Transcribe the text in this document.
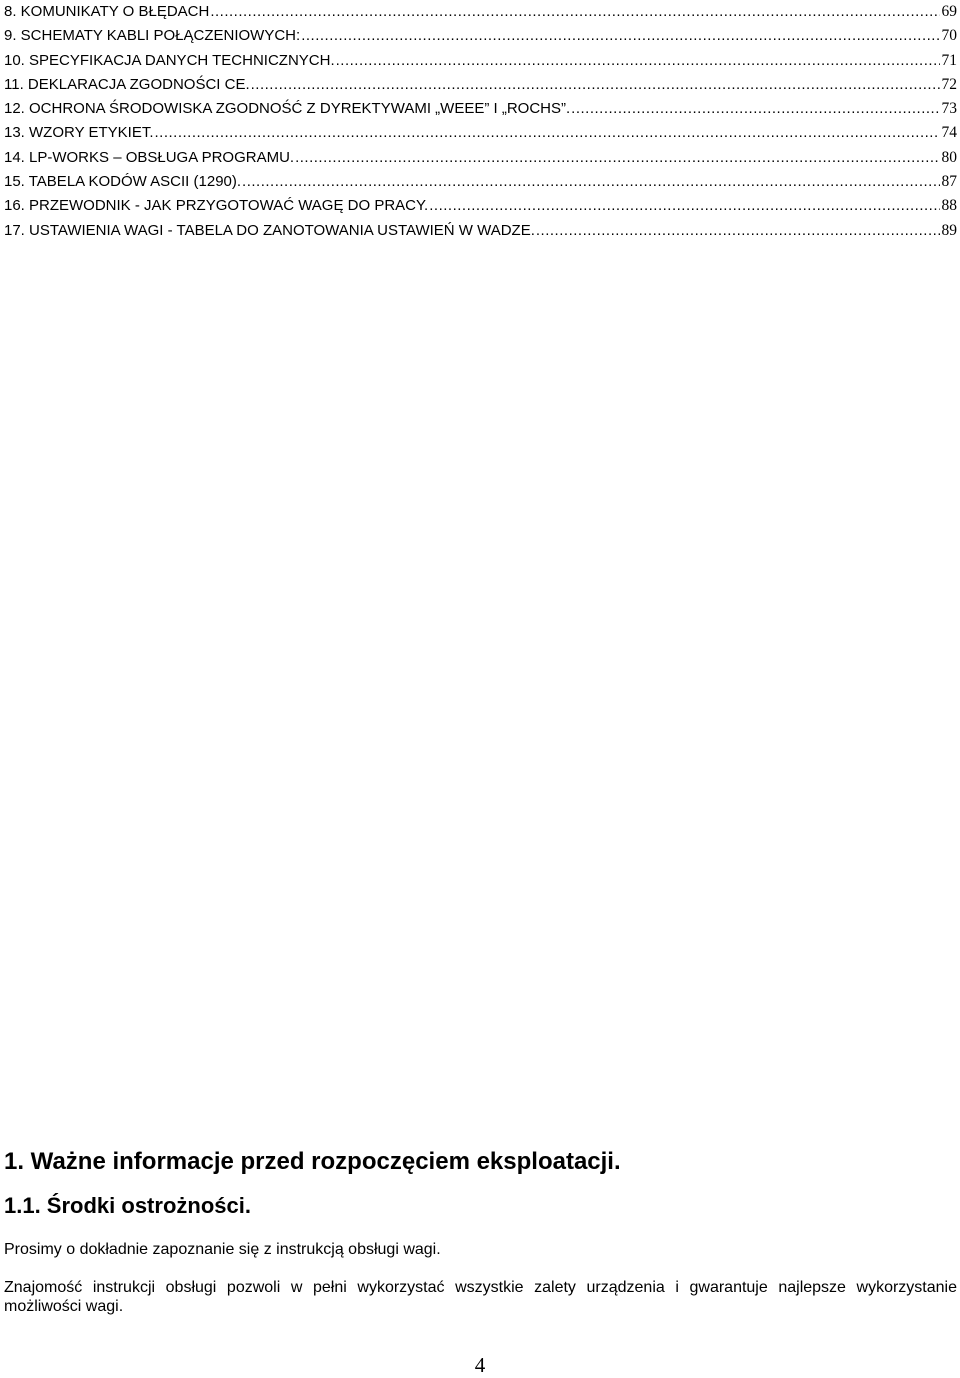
8. KOMUNIKATY O BŁĘDACH .....	69
9. SCHEMATY KABLI POŁĄCZENIOWYCH: .....	70
10. SPECYFIKACJA DANYCH TECHNICZNYCH. .....	71
11. DEKLARACJA ZGODNOŚCI CE. .....	72
12. OCHRONA ŚRODOWISKA ZGODNOŚĆ Z DYREKTYWAMI „WEEE” I „ROCHS”. .....	73
13. WZORY ETYKIET. .....	74
14. LP-WORKS – OBSŁUGA PROGRAMU. .....	80
15. TABELA KODÓW ASCII (1290). .....	87
16. PRZEWODNIK - JAK PRZYGOTOWAĆ WAGĘ DO PRACY. .....	88
17. USTAWIENIA WAGI - TABELA DO ZANOTOWANIA USTAWIEŃ W WADZE. .....	89
1. Ważne informacje przed rozpoczęciem eksploatacji.
1.1. Środki ostrożności.
Prosimy o dokładnie zapoznanie się z instrukcją obsługi wagi.
Znajomość instrukcji obsługi pozwoli w pełni wykorzystać wszystkie zalety urządzenia i gwarantuje najlepsze wykorzystanie możliwości wagi.
4
